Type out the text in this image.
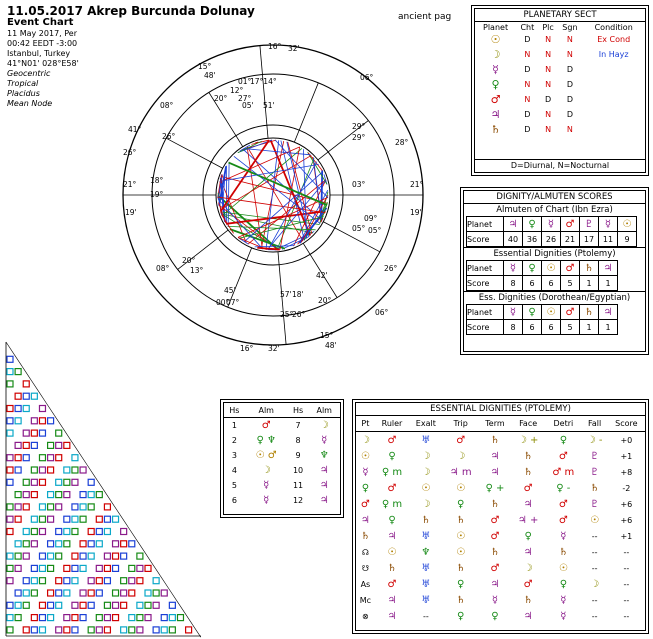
11.05.2017 Akrep Burcunda Dolunay
Event Chart
11 May 2017, Per
00:42 EEDT -3:00
Istanbul, Turkey
41°N01' 028°E58'
Geocentric
Tropical
Placidus
Mean Node
ancient pag
16° 32'
15°
48'	06°
41°
26°
21°
19'
21°
19'
08°
16° 32'
15°
48'
06°
26°
28°
08°
01°
17°14°
20°
12°
27°
05' 51'
26°
18°
19°
29°
29°
03°
05°
20°
13°
45'
00°
07°
57' 18'
25°
26°
42'
20°
09°
05°
PLANETARY SECT
Planet	Cht	Plc	Sgn	Condition
☉	D	N	N	Ex Cond
☽	N	N	N	In Hayz
☿	D	N	D	
♀	N	N	D	
♂	N	D	D	
♃	D	N	D	
♄	D	N	N	
D=Diurnal, N=Nocturnal
DIGNITY/ALMUTEN SCORES
Almuten of Chart (Ibn Ezra)
Planet	♃	♀	☿	♂	♇	☿	☉
Score	40	36	26	21	17	11	9
Essential Dignities (Ptolemy)
Planet	☿	♀	☉	♂	♄	♃
Score	8	6	6	5	1	1
Ess. Dignities (Dorothean/Egyptian)
Planet	☿	♀	☉	♂	♄	♃
Score	8	6	6	5	1	1
Hs	Alm	Hs	Alm
1	♂	7	☽
2	♀ ♆	8	☿
3	☉ ♂	9	♆
4	☽	10	♃
5	☿	11	♃
6	☿	12	♃
ESSENTIAL DIGNITIES (PTOLEMY)
Pt	Ruler	Exalt	Trip	Term	Face	Detri	Fall	Score
☽	♂	♅	♂	♄	☽ +	♀	☽ -	+0
☉	♀	☽	☽	♃	♄	♂	♇	+1
☿	♀ m	☽	♃ m	♃	♄	♂ m	♇	+8
♀	♂	☉	☉	♀ +	♂	♀ -	♄	-2
♂	♀ m	☽	♀	♄	♃	♂	♇	+6
♃	♀	♄	♄	♂	♃ +	♂	☉	+6
♄	♃	♅	☉	♂	♀	☿	--	+1
☊	☉	♆	☉	♄	♃	♄	--	--
☋	♄	♅	♄	♂	☽	☉	--	--
As	♂	♅	♀	♃	♂	♀	☽	--
Mc	♃	♅	♄	☿	♄	☿	--	--
⊗	♃	--	♀	♀	♃	☿	--	--
